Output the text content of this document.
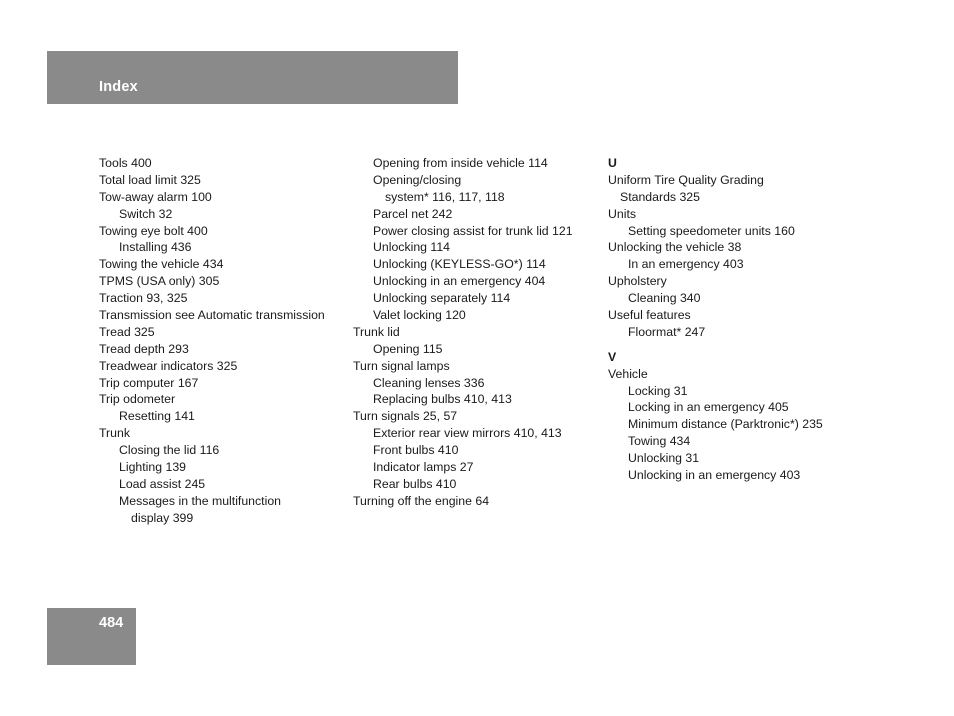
Index
Tools 400
Total load limit 325
Tow-away alarm 100
Switch 32
Towing eye bolt 400
Installing 436
Towing the vehicle 434
TPMS (USA only) 305
Traction 93, 325
Transmission see Automatic transmission
Tread 325
Tread depth 293
Treadwear indicators 325
Trip computer 167
Trip odometer
Resetting 141
Trunk
Closing the lid 116
Lighting 139
Load assist 245
Messages in the multifunction
display 399
Opening from inside vehicle 114
Opening/closing
system* 116, 117, 118
Parcel net 242
Power closing assist for trunk lid 121
Unlocking 114
Unlocking (KEYLESS-GO*) 114
Unlocking in an emergency 404
Unlocking separately 114
Valet locking 120
Trunk lid
Opening 115
Turn signal lamps
Cleaning lenses 336
Replacing bulbs 410, 413
Turn signals 25, 57
Exterior rear view mirrors 410, 413
Front bulbs 410
Indicator lamps 27
Rear bulbs 410
Turning off the engine 64
U
Uniform Tire Quality Grading
Standards 325
Units
Setting speedometer units 160
Unlocking the vehicle 38
In an emergency 403
Upholstery
Cleaning 340
Useful features
Floormat* 247
V
Vehicle
Locking 31
Locking in an emergency 405
Minimum distance (Parktronic*) 235
Towing 434
Unlocking 31
Unlocking in an emergency 403
484
